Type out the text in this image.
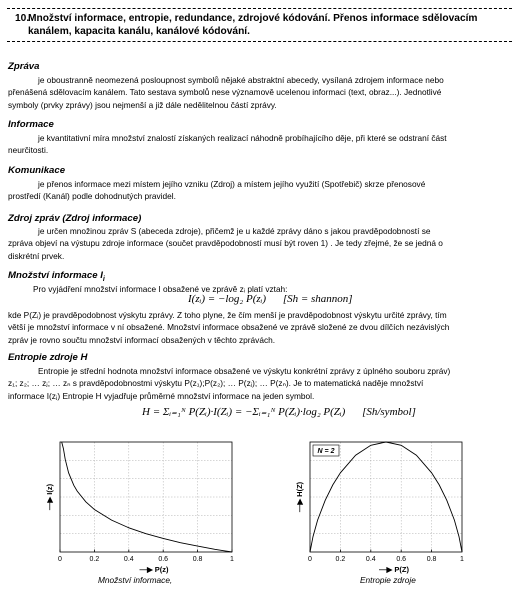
10.
Množství informace, entropie, redundance, zdrojové kódování. Přenos informace sdělovacím
kanálem, kapacita kanálu, kanálové kódování.
Zpráva
je oboustranně neomezená posloupnost symbolů nějaké abstraktní abecedy, vysílaná zdrojem informace nebo
přenášená sdělovacím kanálem. Tato sestava symbolů nese významově ucelenou informaci (text, obraz...). Jednotlivé
symboly (prvky zprávy) jsou nejmenší a již dále nedělitelnou částí zprávy.
Informace
je kvantitativní míra množství znalostí získaných realizací náhodně probíhajícího děje, při které se odstraní část
neurčitosti.
Komunikace
je přenos informace mezi místem jejího vzniku (Zdroj) a místem jejího využití (Spotřebič) skrze přenosové
prostředí (Kanál) podle dohodnutých pravidel.
Zdroj zpráv (Zdroj informace)
je určen množinou zpráv S (abeceda zdroje), přičemž je u každé zprávy dáno s jakou pravděpodobností se
zpráva objeví na výstupu zdroje informace (součet pravděpodobností musí být roven 1) . Je tedy zřejmé, že se jedná o
diskrétní prvek.
Množství informace $I_i$
Pro vyjádření množství informace I obsažené ve zprávě zᵢ platí vztah:
I(zᵢ) = −log₂ P(zᵢ) [Sh = shannon]
kde P(Zᵢ) je pravděpodobnost výskytu zprávy. Z toho plyne, že čím menší je pravděpodobnost výskytu určité zprávy, tím
větší je množství informace v ní obsažené. Množství informace obsažené ve zprávě složené ze dvou dílčích nezávislých
zpráv je rovno součtu množství informací obsažených v těchto zprávách.
Entropie zdroje H
Entropie je střední hodnota množství informace obsažené ve výskytu konkrétní zprávy z úplného souboru zpráv)
z₁; z₂; … zⱼ; … zₙ s pravděpodobnostmi výskytu P(z₁);P(z₂); … P(zⱼ); … P(zₙ). Je to matematická naděje množství
informace I(zⱼ) Entropie H vyjadřuje průměrné množství informace na jeden symbol.
H = Σᵢ₌₁ᴺ P(Zᵢ)·I(Zᵢ) = −Σᵢ₌₁ᴺ P(Zᵢ)·log₂ P(Zᵢ) [Sh/symbol]
0	0.2	0.4	0.6	0.8	1
—▶ P(z)
—▶ I(z)
Množství informace,
0	0.2	0.4	0.6	0.8	1
—▶ P(Z)
—▶ H(Z)
N = 2
Entropie zdroje
